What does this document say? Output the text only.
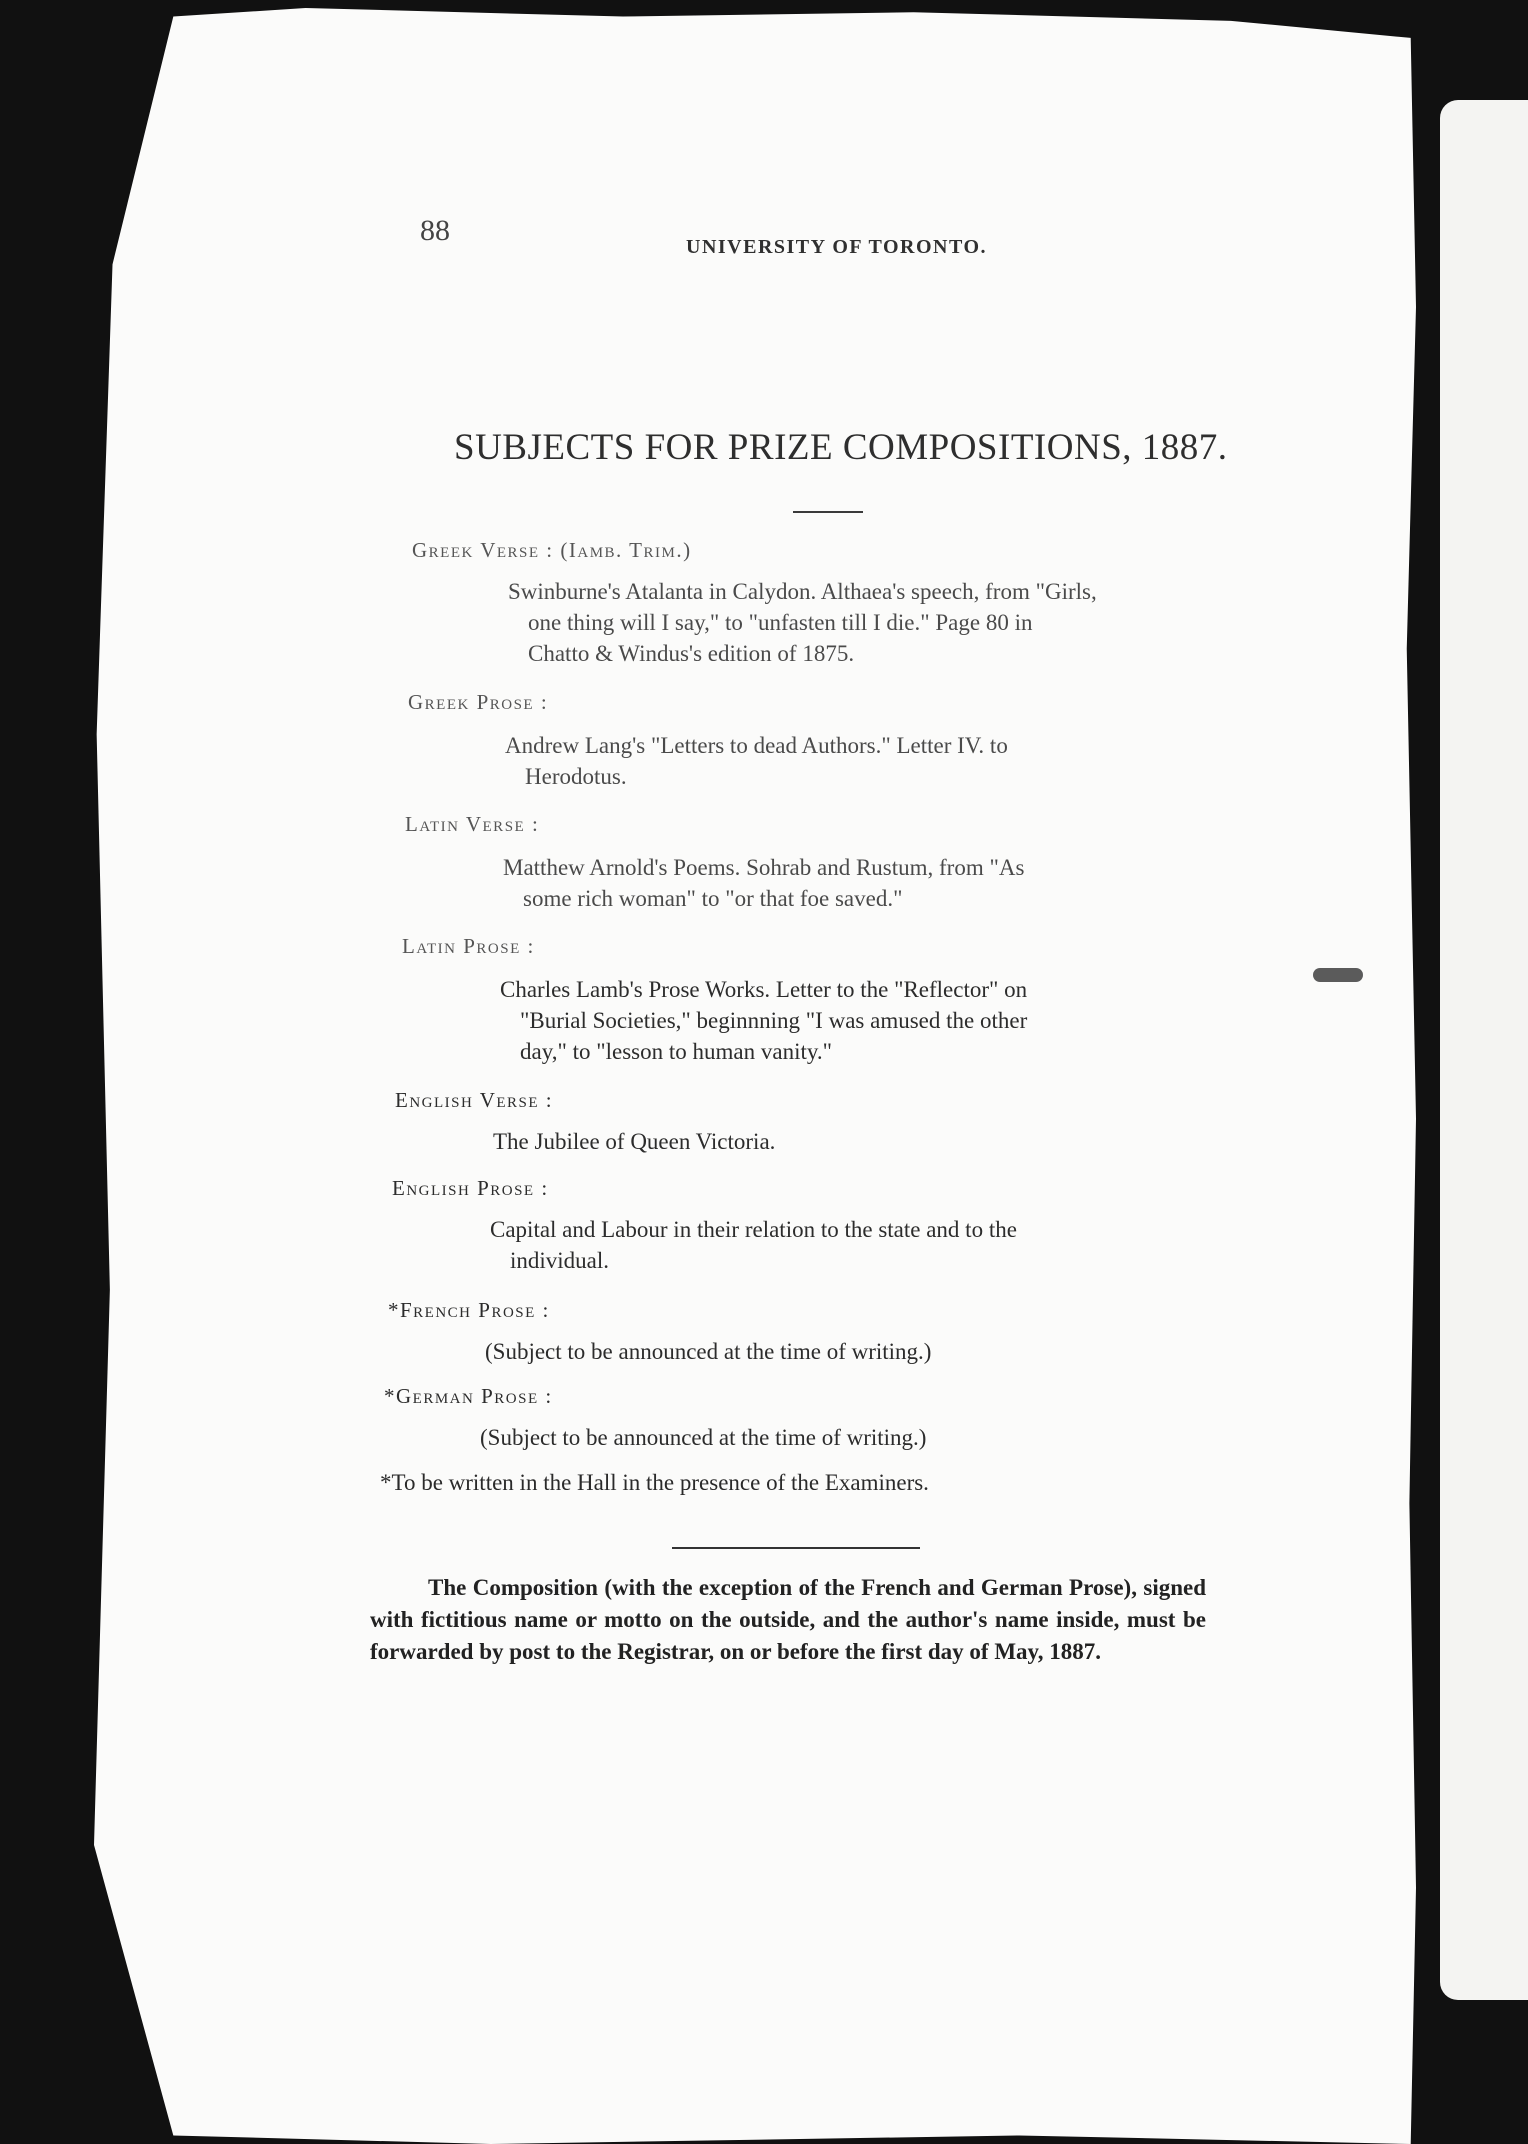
88	UNIVERSITY OF TORONTO.
SUBJECTS FOR PRIZE COMPOSITIONS, 1887.
Greek Verse : (Iamb. Trim.)
Swinburne's Atalanta in Calydon. Althaea's speech, from "Girls,
one thing will I say," to "unfasten till I die." Page 80 in
Chatto & Windus's edition of 1875.
Greek Prose :
Andrew Lang's "Letters to dead Authors." Letter IV. to
Herodotus.
Latin Verse :
Matthew Arnold's Poems. Sohrab and Rustum, from "As
some rich woman" to "or that foe saved."
Latin Prose :
Charles Lamb's Prose Works. Letter to the "Reflector" on
"Burial Societies," beginnning "I was amused the other
day," to "lesson to human vanity."
English Verse :
The Jubilee of Queen Victoria.
English Prose :
Capital and Labour in their relation to the state and to the
individual.
*French Prose :
(Subject to be announced at the time of writing.)
*German Prose :
(Subject to be announced at the time of writing.)
*To be written in the Hall in the presence of the Examiners.
The Composition (with the exception of the French and German Prose), signed with fictitious name or motto on the outside, and the author's name inside, must be forwarded by post to the Registrar, on or before the first day of May, 1887.
